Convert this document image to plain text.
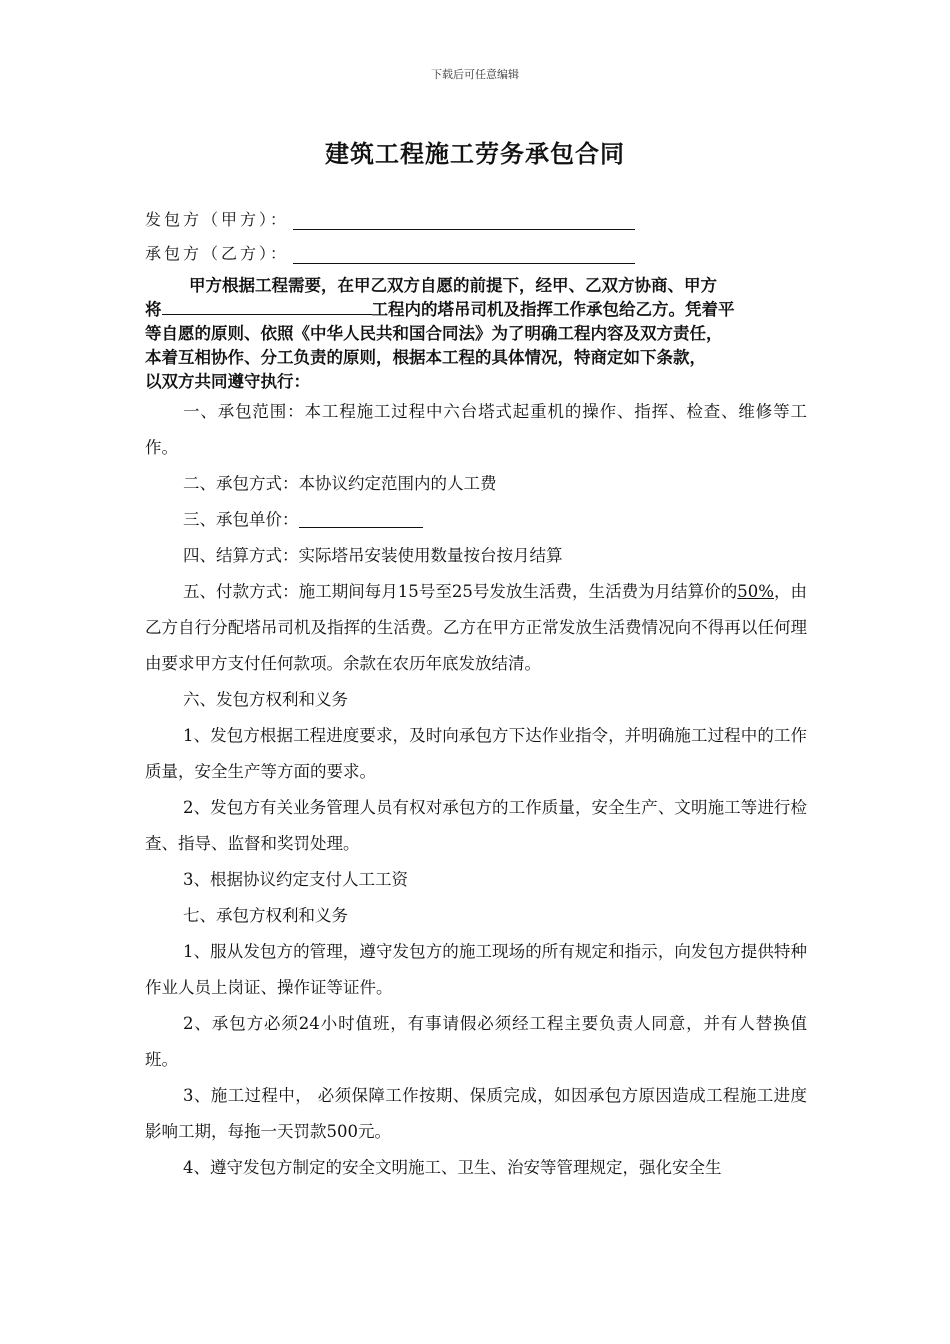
下载后可任意编辑
建筑工程施工劳务承包合同
发包方（甲方）：
承包方（乙方）：
甲方根据工程需要，在甲乙双方自愿的前提下，经甲、乙双方协商、甲方
将	工程内的塔吊司机及指挥工作承包给乙方。凭着平
等自愿的原则、依照《中华人民共和国合同法》为了明确工程内容及双方责任，
本着互相协作、分工负责的原则，根据本工程的具体情况，特商定如下条款，
以双方共同遵守执行：

一、承包范围：本工程施工过程中六台塔式起重机的操作、指挥、检查、维修等工作。

二、承包方式：本协议约定范围内的人工费

三、承包单价：

四、结算方式：实际塔吊安装使用数量按台按月结算

五、付款方式：施工期间每月15号至25号发放生活费，生活费为月结算价的50%，由乙方自行分配塔吊司机及指挥的生活费。乙方在甲方正常发放生活费情况向不得再以任何理由要求甲方支付任何款项。余款在农历年底发放结清。

六、发包方权利和义务

1、发包方根据工程进度要求，及时向承包方下达作业指令，并明确施工过程中的工作质量，安全生产等方面的要求。

2、发包方有关业务管理人员有权对承包方的工作质量，安全生产、文明施工等进行检查、指导、监督和奖罚处理。

3、根据协议约定支付人工工资

七、承包方权利和义务

1、服从发包方的管理，遵守发包方的施工现场的所有规定和指示，向发包方提供特种作业人员上岗证、操作证等证件。

2、承包方必须24小时值班，有事请假必须经工程主要负责人同意，并有人替换值班。

3、施工过程中， 必须保障工作按期、保质完成，如因承包方原因造成工程施工进度影响工期，每拖一天罚款500元。

4、遵守发包方制定的安全文明施工、卫生、治安等管理规定，强化安全生
